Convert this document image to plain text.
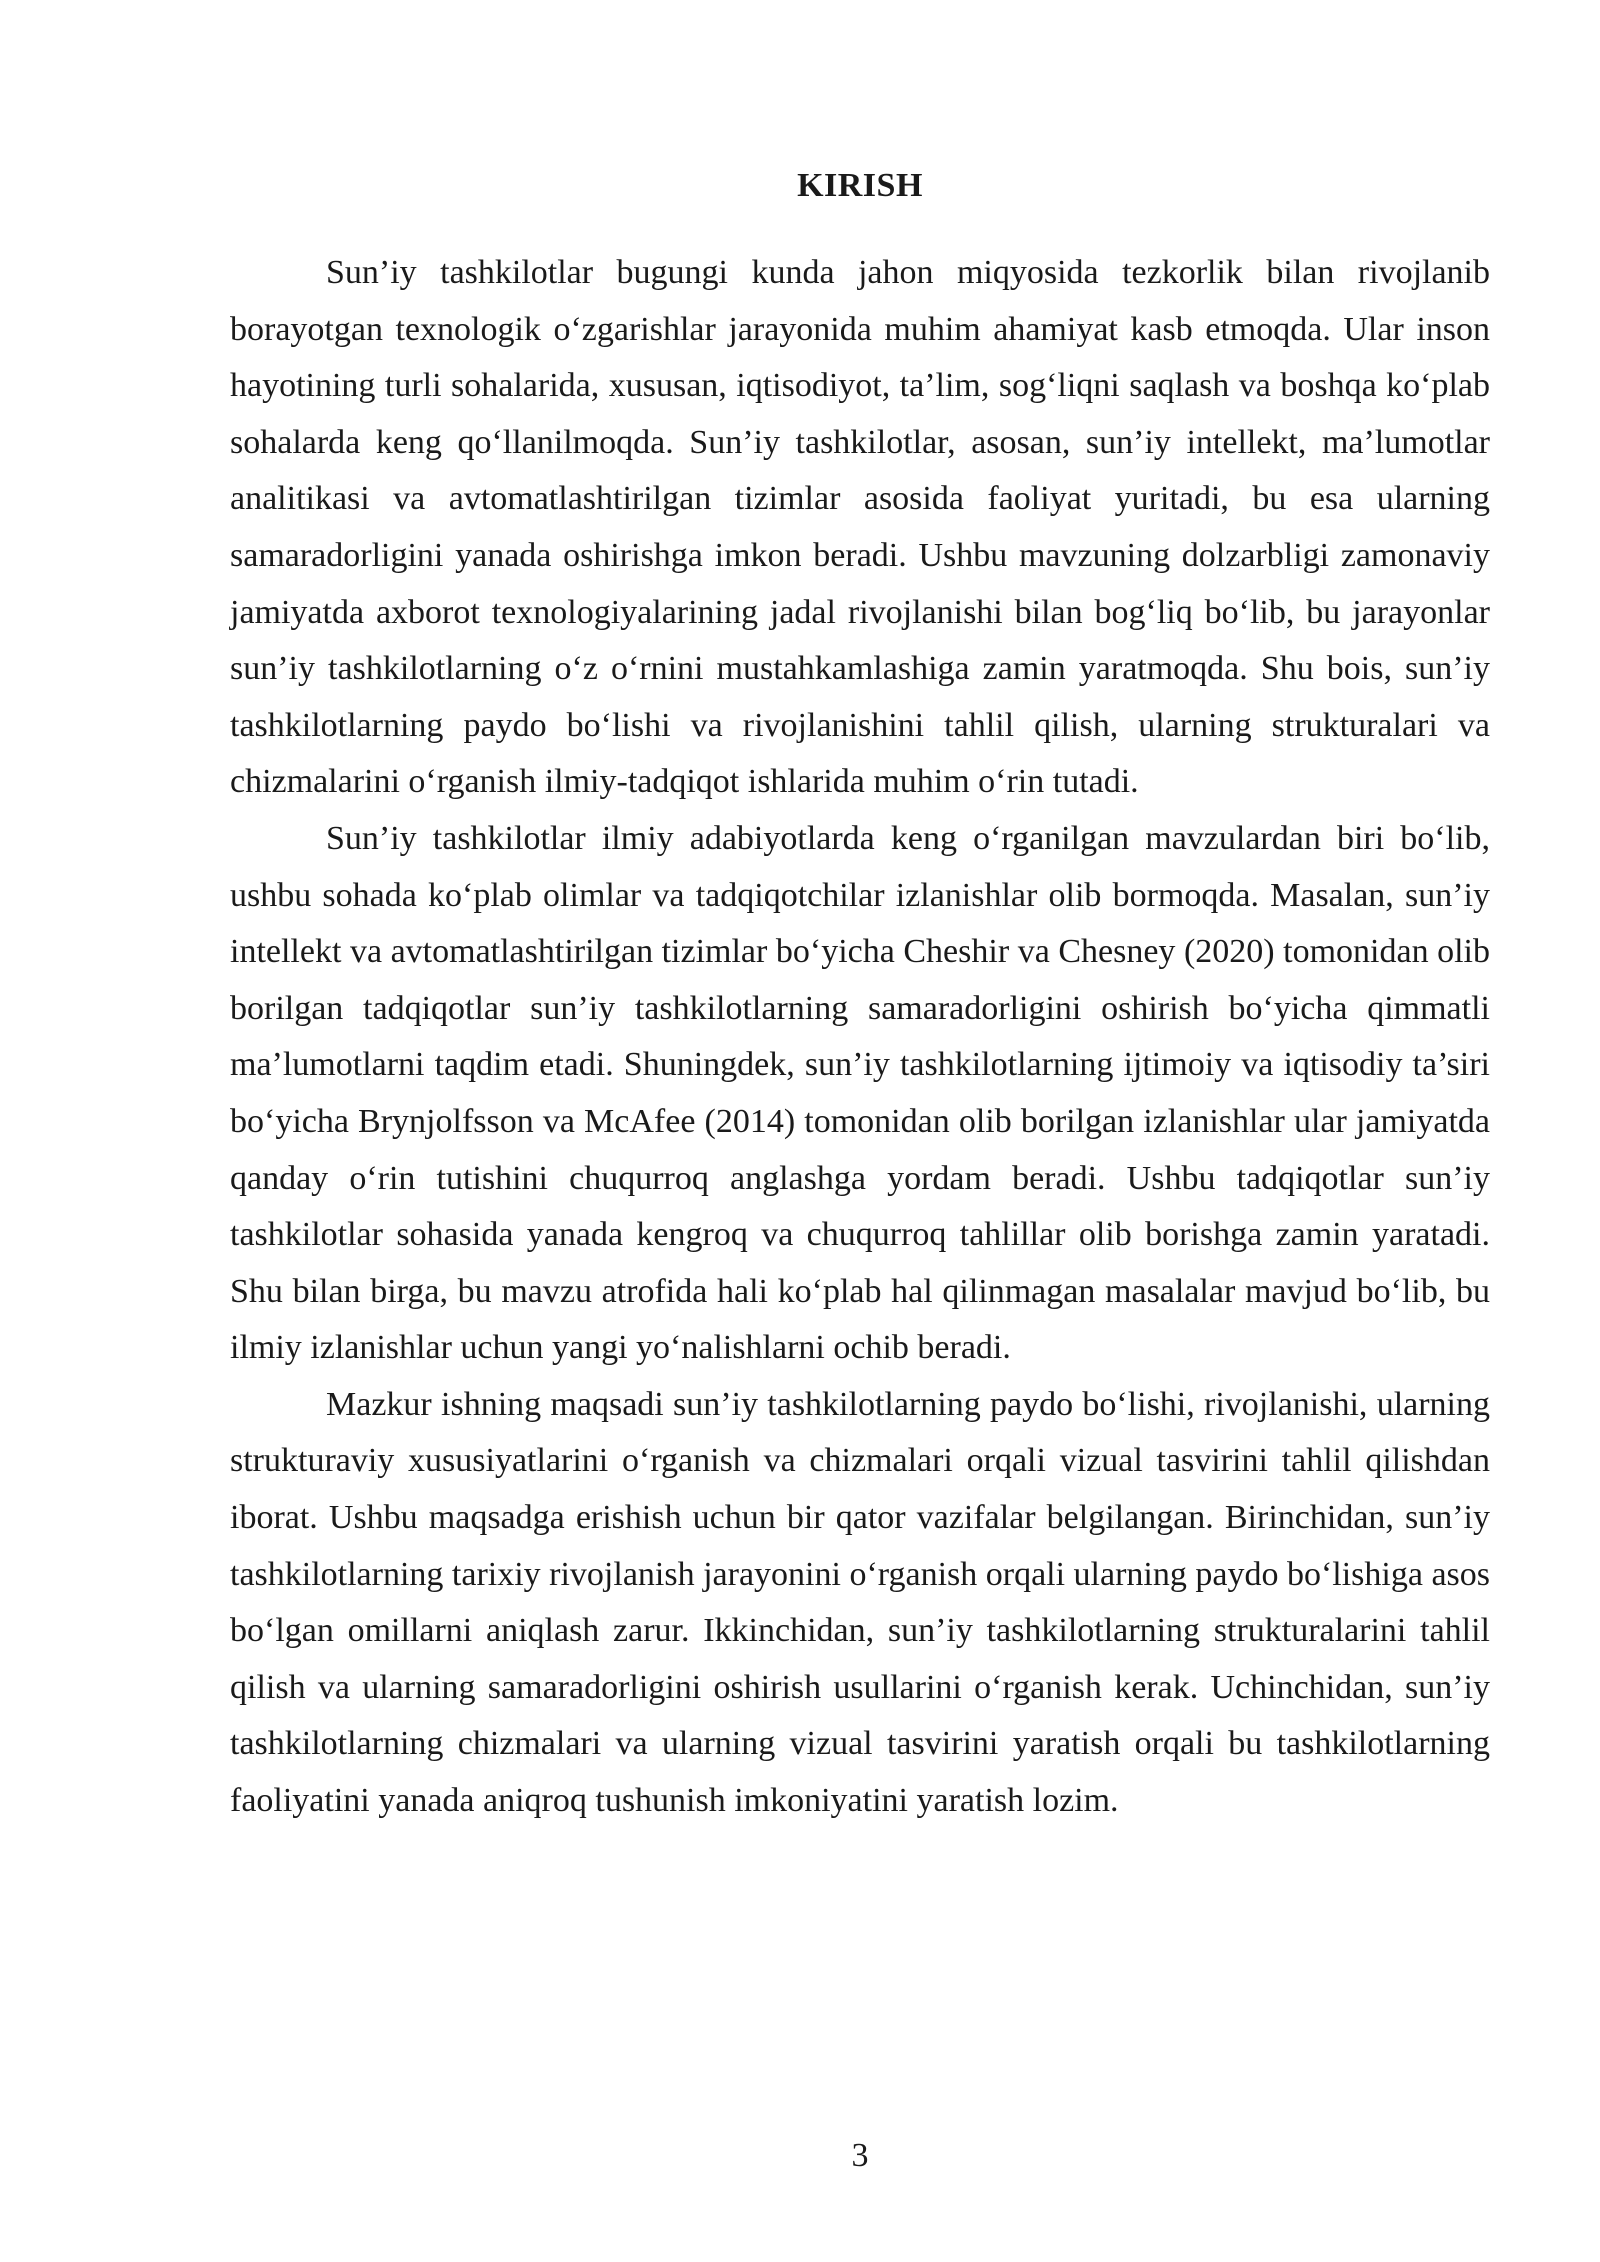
KIRISH

Sun’iy tashkilotlar bugungi kunda jahon miqyosida tezkorlik bilan rivojlanib borayotgan texnologik o‘zgarishlar jarayonida muhim ahamiyat kasb etmoqda. Ular inson hayotining turli sohalarida, xususan, iqtisodiyot, ta’lim, sog‘liqni saqlash va boshqa ko‘plab sohalarda keng qo‘llanilmoqda. Sun’iy tashkilotlar, asosan, sun’iy intellekt, ma’lumotlar analitikasi va avtomatlashtirilgan tizimlar asosida faoliyat yuritadi, bu esa ularning samaradorligini yanada oshirishga imkon beradi. Ushbu mavzuning dolzarbligi zamonaviy jamiyatda axborot texnologiyalarining jadal rivojlanishi bilan bog‘liq bo‘lib, bu jarayonlar sun’iy tashkilotlarning o‘z o‘rnini mustahkamlashiga zamin yaratmoqda. Shu bois, sun’iy tashkilotlarning paydo bo‘lishi va rivojlanishini tahlil qilish, ularning strukturalari va chizmalarini o‘rganish ilmiy-tadqiqot ishlarida muhim o‘rin tutadi.

Sun’iy tashkilotlar ilmiy adabiyotlarda keng o‘rganilgan mavzulardan biri bo‘lib, ushbu sohada ko‘plab olimlar va tadqiqotchilar izlanishlar olib bormoqda. Masalan, sun’iy intellekt va avtomatlashtirilgan tizimlar bo‘yicha Cheshir va Chesney (2020) tomonidan olib borilgan tadqiqotlar sun’iy tashkilotlarning samaradorligini oshirish bo‘yicha qimmatli ma’lumotlarni taqdim etadi. Shuningdek, sun’iy tashkilotlarning ijtimoiy va iqtisodiy ta’siri bo‘yicha Brynjolfsson va McAfee (2014) tomonidan olib borilgan izlanishlar ular jamiyatda qanday o‘rin tutishini chuqurroq anglashga yordam beradi. Ushbu tadqiqotlar sun’iy tashkilotlar sohasida yanada kengroq va chuqurroq tahlillar olib borishga zamin yaratadi. Shu bilan birga, bu mavzu atrofida hali ko‘plab hal qilinmagan masalalar mavjud bo‘lib, bu ilmiy izlanishlar uchun yangi yo‘nalishlarni ochib beradi.

Mazkur ishning maqsadi sun’iy tashkilotlarning paydo bo‘lishi, rivojlanishi, ularning strukturaviy xususiyatlarini o‘rganish va chizmalari orqali vizual tasvirini tahlil qilishdan iborat. Ushbu maqsadga erishish uchun bir qator vazifalar belgilangan. Birinchidan, sun’iy tashkilotlarning tarixiy rivojlanish jarayonini o‘rganish orqali ularning paydo bo‘lishiga asos bo‘lgan omillarni aniqlash zarur. Ikkinchidan, sun’iy tashkilotlarning strukturalarini tahlil qilish va ularning samaradorligini oshirish usullarini o‘rganish kerak. Uchinchidan, sun’iy tashkilotlarning chizmalari va ularning vizual tasvirini yaratish orqali bu tashkilotlarning faoliyatini yanada aniqroq tushunish imkoniyatini yaratish lozim.

3
